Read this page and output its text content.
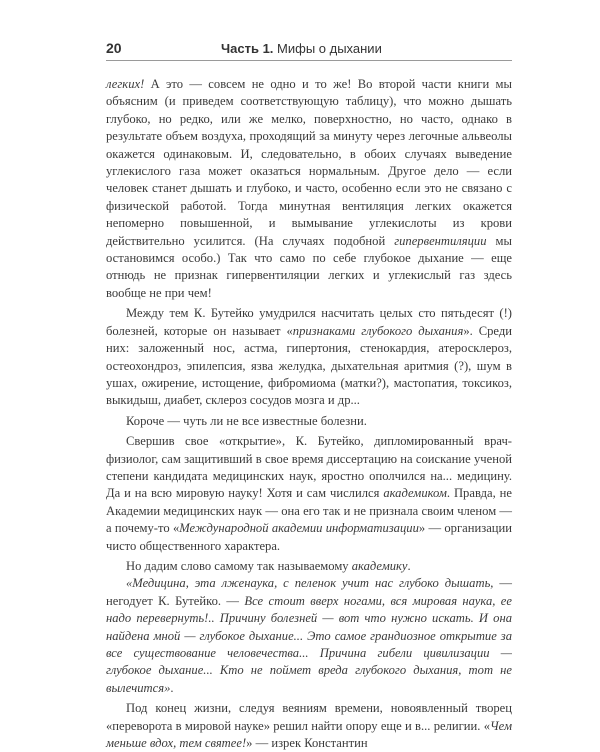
20	Часть 1. Мифы о дыхании

легких! А это — совсем не одно и то же! Во второй части книги мы объясним (и приведем соответствующую таблицу), что можно дышать глубоко, но редко, или же мелко, поверхностно, но часто, однако в результате объем воздуха, проходящий за минуту через легочные альвеолы окажется одинаковым. И, следовательно, в обоих случаях выведение углекислого газа может оказаться нормальным. Другое дело — если человек станет дышать и глубоко, и часто, особенно если это не связано с физической работой. Тогда минутная вентиляция легких окажется непомерно повышенной, и вымывание углекислоты из крови действительно усилится. (На случаях подобной гипервентиляции мы остановимся особо.) Так что само по себе глубокое дыхание — еще отнюдь не признак гипервентиляции легких и углекислый газ здесь вообще не при чем!

Между тем К. Бутейко умудрился насчитать целых сто пятьдесят (!) болезней, которые он называет «признаками глубокого дыхания». Среди них: заложенный нос, астма, гипертония, стенокардия, атеросклероз, остеохондроз, эпилепсия, язва желудка, дыхательная аритмия (?), шум в ушах, ожирение, истощение, фибромиома (матки?), мастопатия, токсикоз, выкидыш, диабет, склероз сосудов мозга и др...

Короче — чуть ли не все известные болезни.

Свершив свое «открытие», К. Бутейко, дипломированный врач-физиолог, сам защитивший в свое время диссертацию на соискание ученой степени кандидата медицинских наук, яростно ополчился на... медицину. Да и на всю мировую науку! Хотя и сам числился академиком. Правда, не Академии медицинских наук — она его так и не признала своим членом — а почему-то «Международной академии информатизации» — организации чисто общественного характера.

Но дадим слово самому так называемому академику.

«Медицина, эта лженаука, с пеленок учит нас глубоко дышать, — негодует К. Бутейко. — Все стоит вверх ногами, вся мировая наука, ее надо перевернуть!.. Причину болезней — вот что нужно искать. И она найдена мной — глубокое дыхание... Это самое грандиозное открытие за все существование человечества... Причина гибели цивилизации — глубокое дыхание... Кто не поймет вреда глубокого дыхания, тот не вылечится».

Под конец жизни, следуя веяниям времени, новоявленный творец «переворота в мировой науке» решил найти опору еще и в... религии. «Чем меньше вдох, тем святее!» — изрек Константин
